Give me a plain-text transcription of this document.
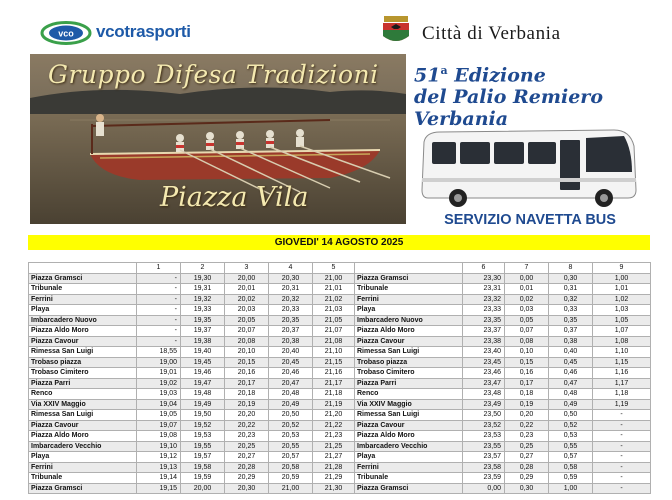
vco vcotrasporti	Città di Verbania
Gruppo Difesa Tradizioni
Piazza Vila
51$^a$ Edizione
del Palio Remiero
Verbania
SERVIZIO NAVETTA BUS
GIOVEDI' 14 AGOSTO 2025
	1	2	3	4	5		6	7	8	9
Piazza Gramsci	-	19,30	20,00	20,30	21,00	Piazza Gramsci	23,30	0,00	0,30	1,00
Tribunale	-	19,31	20,01	20,31	21,01	Tribunale	23,31	0,01	0,31	1,01
Ferrini	-	19,32	20,02	20,32	21,02	Ferrini	23,32	0,02	0,32	1,02
Playa	-	19,33	20,03	20,33	21,03	Playa	23,33	0,03	0,33	1,03
Imbarcadero Nuovo	-	19,35	20,05	20,35	21,05	Imbarcadero Nuovo	23,35	0,05	0,35	1,05
Piazza Aldo Moro	-	19,37	20,07	20,37	21,07	Piazza Aldo Moro	23,37	0,07	0,37	1,07
Piazza Cavour	-	19,38	20,08	20,38	21,08	Piazza Cavour	23,38	0,08	0,38	1,08
Rimessa San Luigi	18,55	19,40	20,10	20,40	21,10	Rimessa San Luigi	23,40	0,10	0,40	1,10
Trobaso piazza	19,00	19,45	20,15	20,45	21,15	Trobaso piazza	23,45	0,15	0,45	1,15
Trobaso Cimitero	19,01	19,46	20,16	20,46	21,16	Trobaso Cimitero	23,46	0,16	0,46	1,16
Piazza Parri	19,02	19,47	20,17	20,47	21,17	Piazza Parri	23,47	0,17	0,47	1,17
Renco	19,03	19,48	20,18	20,48	21,18	Renco	23,48	0,18	0,48	1,18
Via XXIV Maggio	19,04	19,49	20,19	20,49	21,19	Via XXIV Maggio	23,49	0,19	0,49	1,19
Rimessa San Luigi	19,05	19,50	20,20	20,50	21,20	Rimessa San Luigi	23,50	0,20	0,50	-
Piazza Cavour	19,07	19,52	20,22	20,52	21,22	Piazza Cavour	23,52	0,22	0,52	-
Piazza Aldo Moro	19,08	19,53	20,23	20,53	21,23	Piazza Aldo Moro	23,53	0,23	0,53	-
Imbarcadero Vecchio	19,10	19,55	20,25	20,55	21,25	Imbarcadero Vecchio	23,55	0,25	0,55	-
Playa	19,12	19,57	20,27	20,57	21,27	Playa	23,57	0,27	0,57	-
Ferrini	19,13	19,58	20,28	20,58	21,28	Ferrini	23,58	0,28	0,58	-
Tribunale	19,14	19,59	20,29	20,59	21,29	Tribunale	23,59	0,29	0,59	-
Piazza Gramsci	19,15	20,00	20,30	21,00	21,30	Piazza Gramsci	0,00	0,30	1,00	-
